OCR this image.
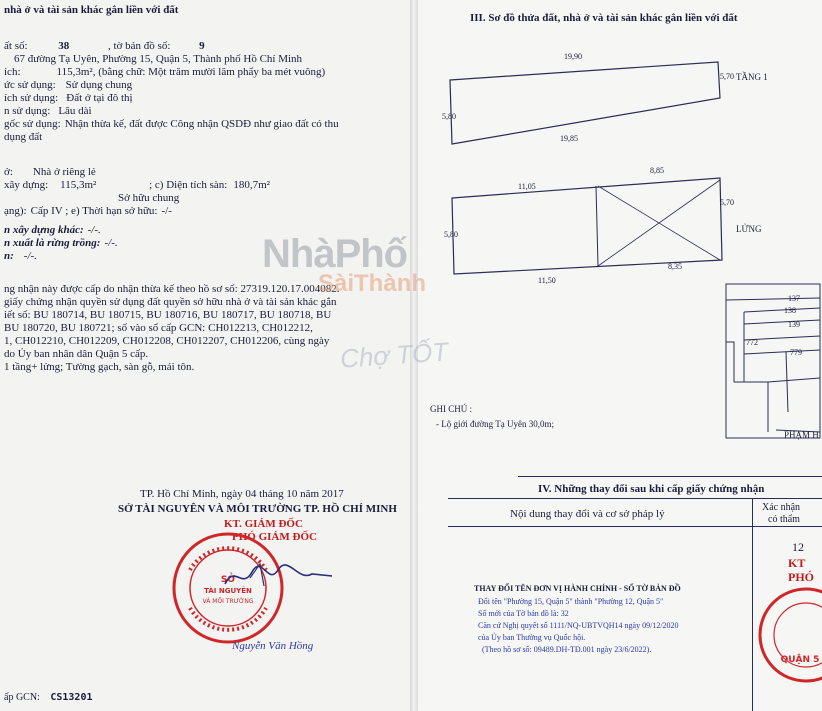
nhà ở và tài sản khác gắn liền với đất
ất số:	38	, tờ bản đồ số:	9
67 đường Tạ Uyên, Phường 15, Quận 5, Thành phố Hồ Chí Minh
ích:	115,3m², (bằng chữ: Một trăm mười lăm phẩy ba mét vuông)
ức sử dụng: Sử dụng chung
ích sử dụng: Đất ở tại đô thị
n sử dụng: Lâu dài
gốc sử dụng: Nhận thừa kế, đất được Công nhận QSDĐ như giao đất có thu
dụng đất
ở: Nhà ở riêng lẻ
xây dựng: 115,3m²	; c) Diện tích sàn: 180,7m²
Sở hữu chung
ạng): Cấp IV ; e) Thời hạn sở hữu: -/-
n xây dựng khác: -/-.
n xuất là rừng trồng: -/-.
n: -/-.
ng nhận này được cấp do nhận thừa kế theo hồ sơ số: 27319.120.17.004082.
giấy chứng nhận quyền sử dụng đất quyền sở hữu nhà ở và tài sản khác gắn
iết số: BU 180714, BU 180715, BU 180716, BU 180717, BU 180718, BU
BU 180720, BU 180721; số vào sổ cấp GCN: CH012213, CH012212,
1, CH012210, CH012209, CH012208, CH012207, CH012206, cùng ngày
do Ủy ban nhân dân Quận 5 cấp.
1 tầng+ lửng; Tường gạch, sàn gỗ, mái tôn.
TP. Hồ Chí Minh, ngày 04 tháng 10 năm 2017
SỞ TÀI NGUYÊN VÀ MÔI TRƯỜNG TP. HỒ CHÍ MINH
KT. GIÁM ĐỐC
PHÓ GIÁM ĐỐC
SỞ
TÀI NGUYÊN
VÀ MÔI TRƯỜNG
Nguyễn Văn Hồng
ấp GCN: CS13201
III. Sơ đồ thửa đất, nhà ở và tài sản khác gắn liền với đất
19,90
19,85
5,80
5,70 TẦNG 1
11,05
8,85
5,80
5,70
11,50
8,35
LỬNG
137
138
139
772
779
PHẠM H
GHI CHÚ :
- Lộ giới đường Tạ Uyên 30,0m;
IV. Những thay đổi sau khi cấp giấy chứng nhận
Nội dung thay đổi và cơ sở pháp lý
Xác nhận
có thẩm
THAY ĐỔI TÊN ĐƠN VỊ HÀNH CHÍNH - SỐ TỜ BẢN ĐỒ
Đổi tên "Phường 15, Quận 5" thành "Phường 12, Quận 5"
Số mới của Tờ bản đồ là: 32
Căn cứ Nghị quyết số 1111/NQ-UBTVQH14 ngày 09/12/2020
của Ủy ban Thường vụ Quốc hội.
(Theo hồ sơ số: 09489.DH-TĐ.001 ngày 23/6/2022).
12
KT
PHÓ
QUẬN 5
NhàPhố
SàiThành
Chợ TỐT
